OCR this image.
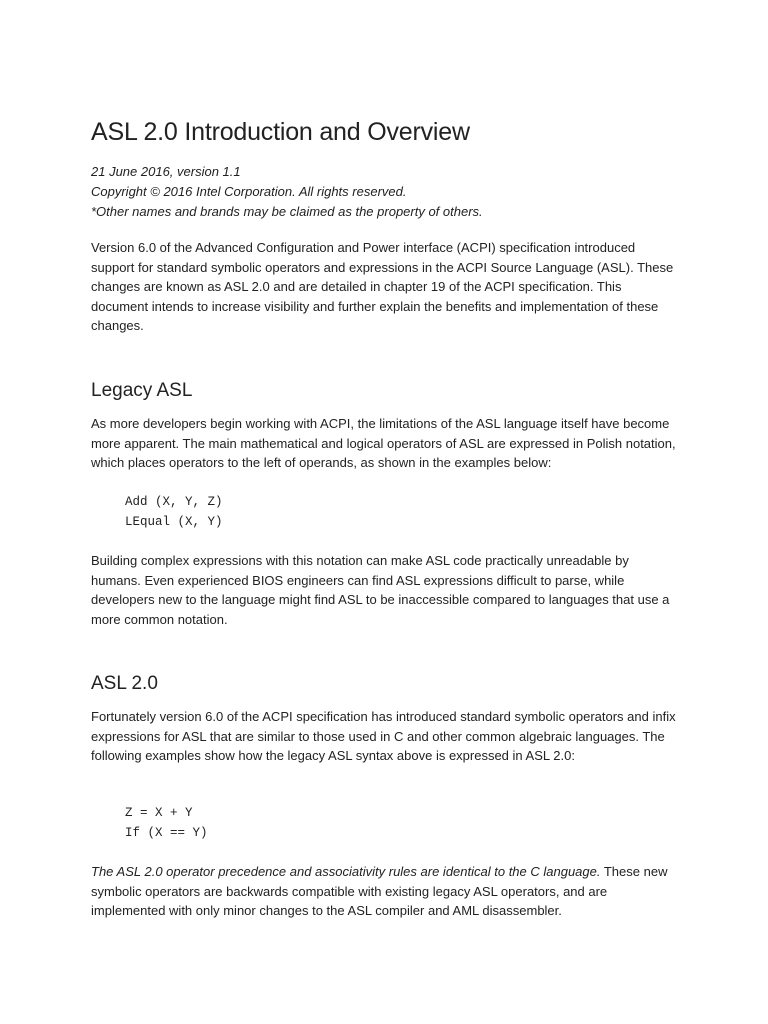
ASL 2.0 Introduction and Overview
21 June 2016, version 1.1
Copyright © 2016 Intel Corporation. All rights reserved.
*Other names and brands may be claimed as the property of others.

Version 6.0 of the Advanced Configuration and Power interface (ACPI) specification introduced support for standard symbolic operators and expressions in the ACPI Source Language (ASL). These changes are known as ASL 2.0 and are detailed in chapter 19 of the ACPI specification. This document intends to increase visibility and further explain the benefits and implementation of these changes.

Legacy ASL

As more developers begin working with ACPI, the limitations of the ASL language itself have become more apparent. The main mathematical and logical operators of ASL are expressed in Polish notation, which places operators to the left of operands, as shown in the examples below:

Add (X, Y, Z)
LEqual (X, Y)

Building complex expressions with this notation can make ASL code practically unreadable by humans. Even experienced BIOS engineers can find ASL expressions difficult to parse, while developers new to the language might find ASL to be inaccessible compared to languages that use a more common notation.

ASL 2.0

Fortunately version 6.0 of the ACPI specification has introduced standard symbolic operators and infix expressions for ASL that are similar to those used in C and other common algebraic languages. The following examples show how the legacy ASL syntax above is expressed in ASL 2.0:

Z = X + Y
If (X == Y)

The ASL 2.0 operator precedence and associativity rules are identical to the C language. These new symbolic operators are backwards compatible with existing legacy ASL operators, and are implemented with only minor changes to the ASL compiler and AML disassembler.
